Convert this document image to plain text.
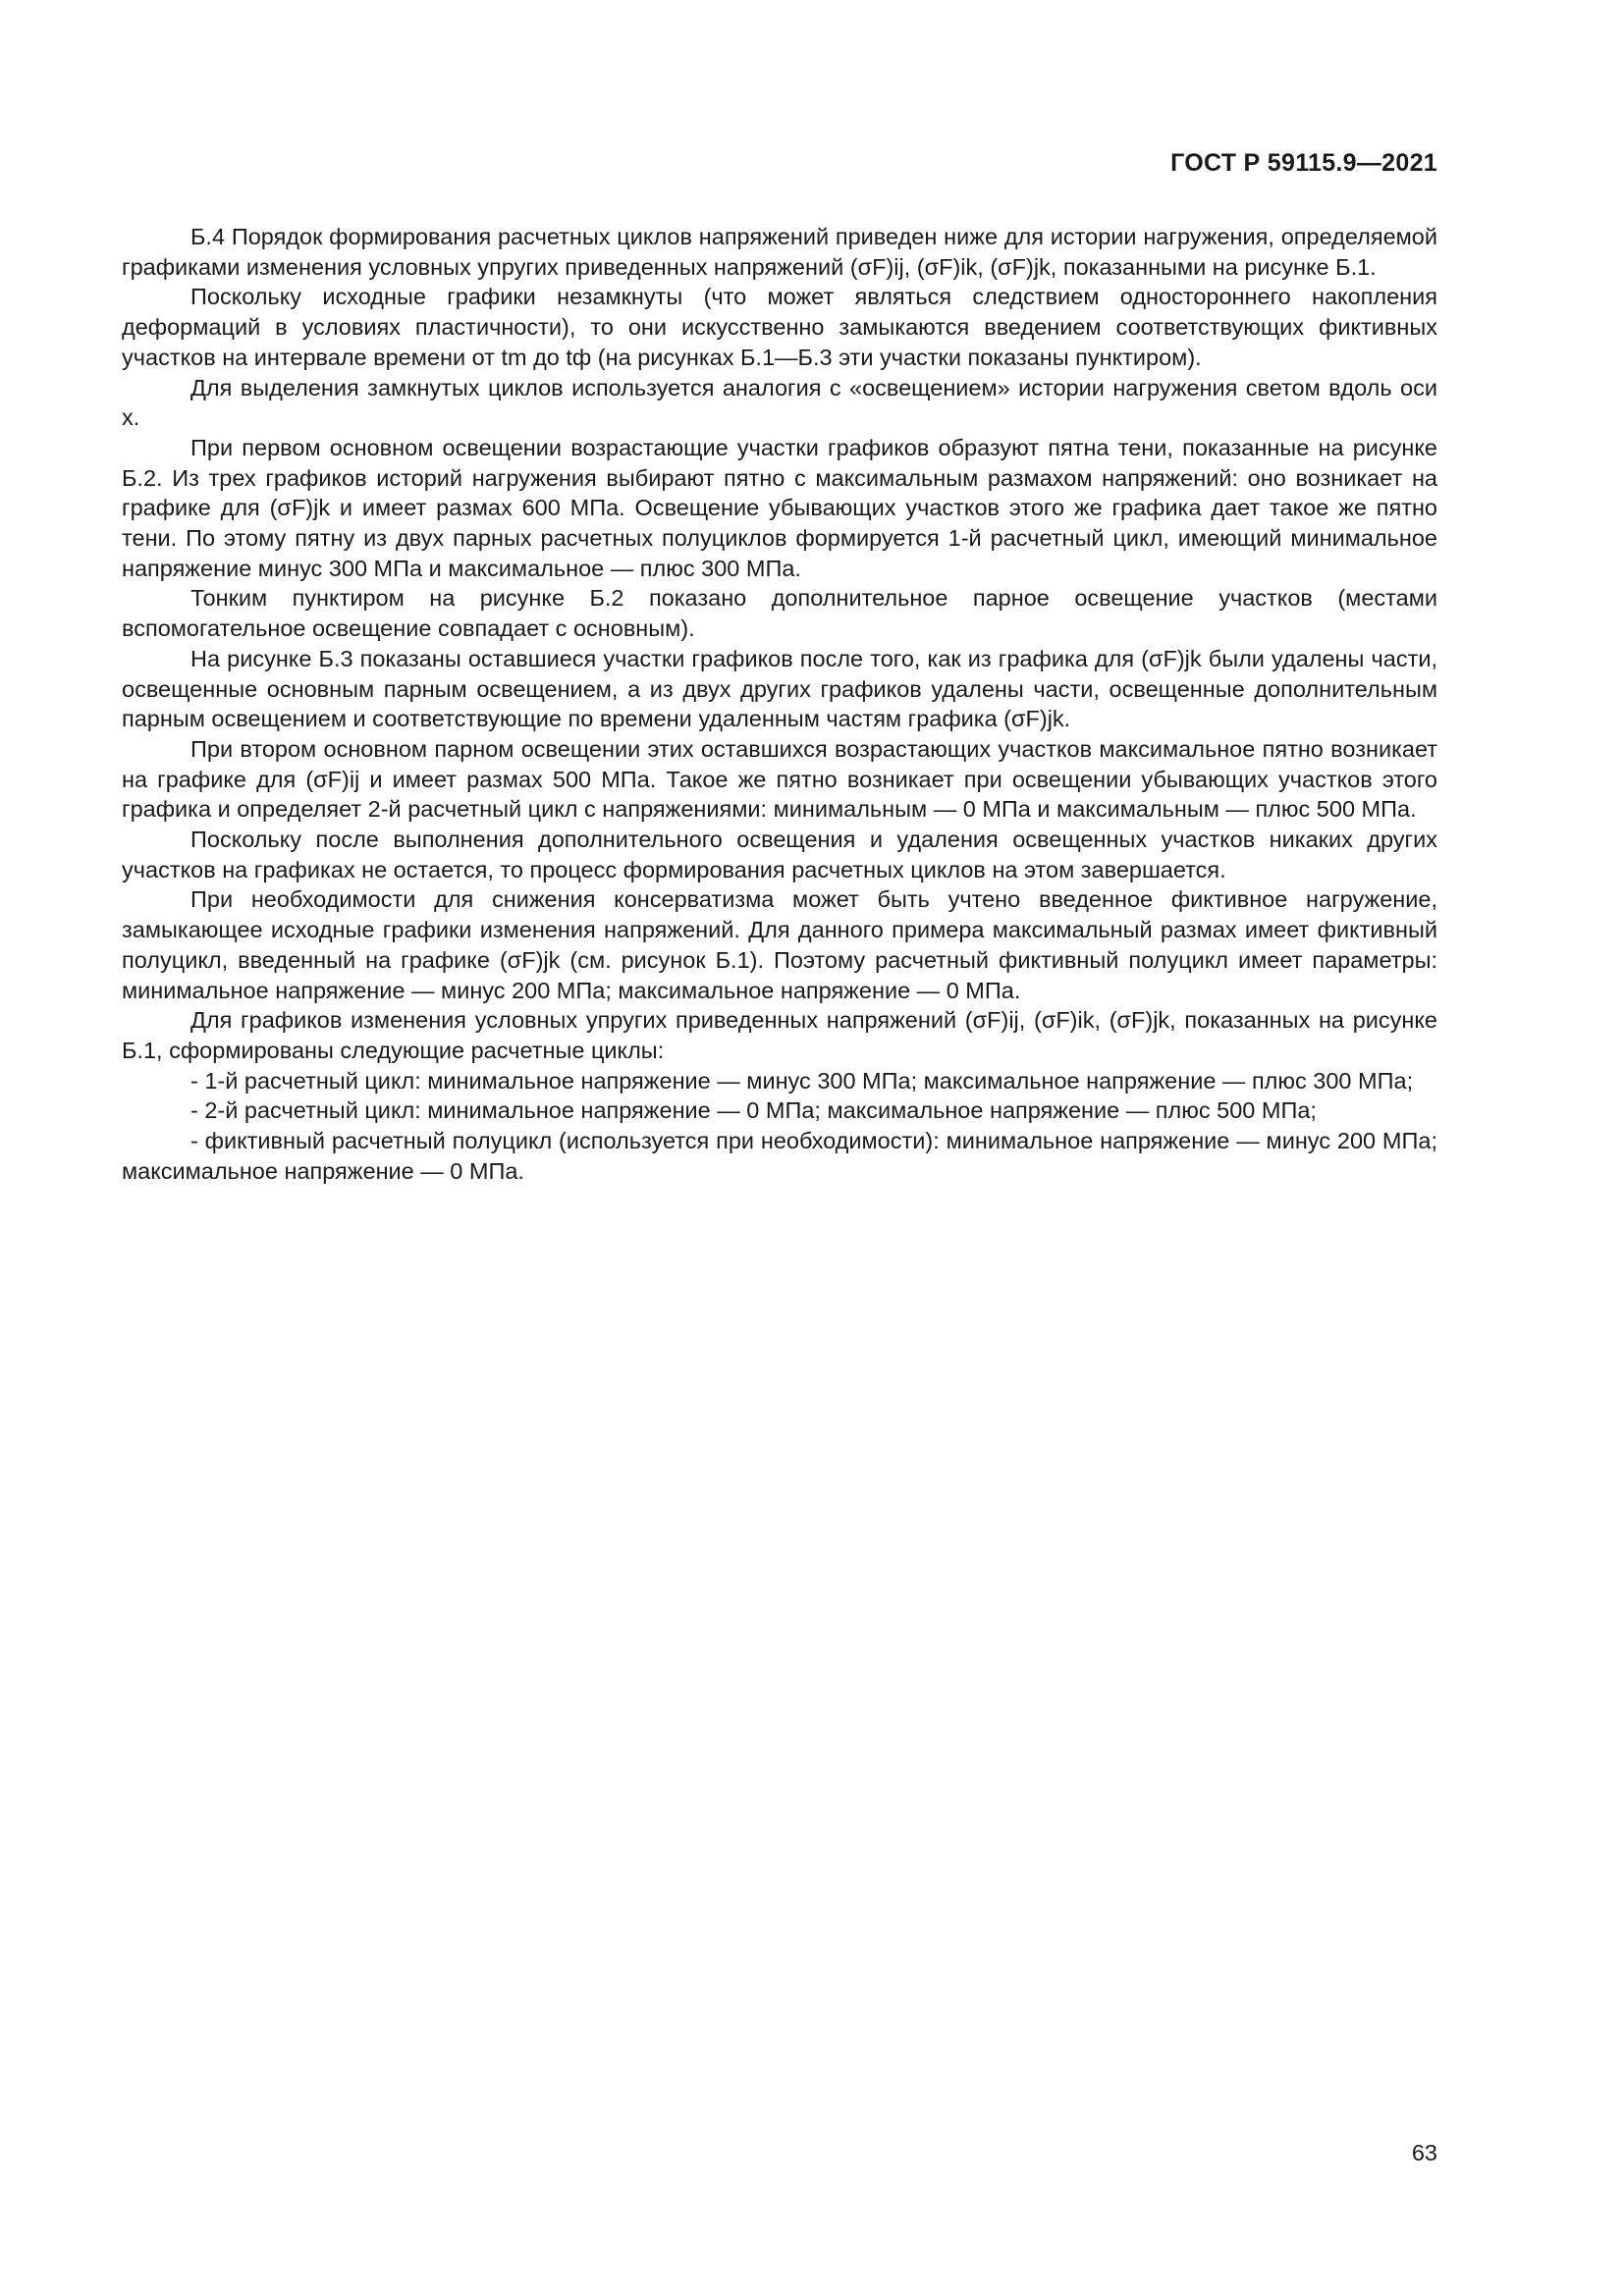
ГОСТ Р 59115.9—2021

Б.4 Порядок формирования расчетных циклов напряжений приведен ниже для истории нагружения, определяемой графиками изменения условных упругих приведенных напряжений (σF)ij, (σF)ik, (σF)jk, показанными на рисунке Б.1.

Поскольку исходные графики незамкнуты (что может являться следствием одностороннего накопления деформаций в условиях пластичности), то они искусственно замыкаются введением соответствующих фиктивных участков на интервале времени от tm до tф (на рисунках Б.1—Б.3 эти участки показаны пунктиром).

Для выделения замкнутых циклов используется аналогия с «освещением» истории нагружения светом вдоль оси x.

При первом основном освещении возрастающие участки графиков образуют пятна тени, показанные на рисунке Б.2. Из трех графиков историй нагружения выбирают пятно с максимальным размахом напряжений: оно возникает на графике для (σF)jk и имеет размах 600 МПа. Освещение убывающих участков этого же графика дает такое же пятно тени. По этому пятну из двух парных расчетных полуциклов формируется 1-й расчетный цикл, имеющий минимальное напряжение минус 300 МПа и максимальное — плюс 300 МПа.

Тонким пунктиром на рисунке Б.2 показано дополнительное парное освещение участков (местами вспомогательное освещение совпадает с основным).

На рисунке Б.3 показаны оставшиеся участки графиков после того, как из графика для (σF)jk были удалены части, освещенные основным парным освещением, а из двух других графиков удалены части, освещенные дополнительным парным освещением и соответствующие по времени удаленным частям графика (σF)jk.

При втором основном парном освещении этих оставшихся возрастающих участков максимальное пятно возникает на графике для (σF)ij и имеет размах 500 МПа. Такое же пятно возникает при освещении убывающих участков этого графика и определяет 2-й расчетный цикл с напряжениями: минимальным — 0 МПа и максимальным — плюс 500 МПа.

Поскольку после выполнения дополнительного освещения и удаления освещенных участков никаких других участков на графиках не остается, то процесс формирования расчетных циклов на этом завершается.

При необходимости для снижения консерватизма может быть учтено введенное фиктивное нагружение, замыкающее исходные графики изменения напряжений. Для данного примера максимальный размах имеет фиктивный полуцикл, введенный на графике (σF)jk (см. рисунок Б.1). Поэтому расчетный фиктивный полуцикл имеет параметры: минимальное напряжение — минус 200 МПа; максимальное напряжение — 0 МПа.

Для графиков изменения условных упругих приведенных напряжений (σF)ij, (σF)ik, (σF)jk, показанных на рисунке Б.1, сформированы следующие расчетные циклы:

- 1-й расчетный цикл: минимальное напряжение — минус 300 МПа; максимальное напряжение — плюс 300 МПа;

- 2-й расчетный цикл: минимальное напряжение — 0 МПа; максимальное напряжение — плюс 500 МПа;

- фиктивный расчетный полуцикл (используется при необходимости): минимальное напряжение — минус 200 МПа; максимальное напряжение — 0 МПа.

63
